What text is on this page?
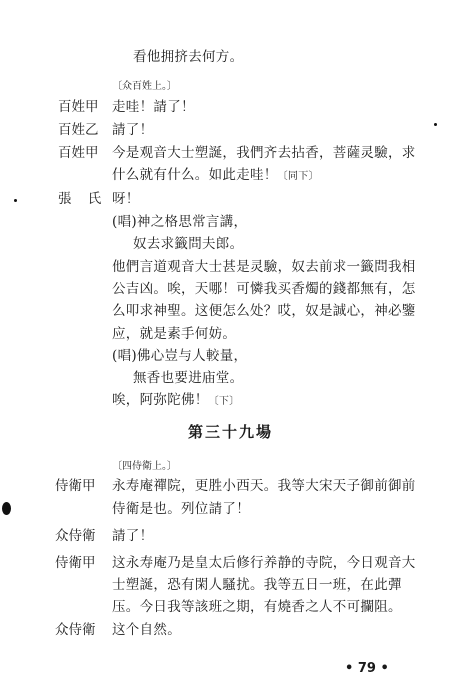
看他拥挤去何方。
〔众百姓上。〕
百姓甲 走哇！請了！
百姓乙 請了！
百姓甲 今是观音大士塑誕，我們齐去拈香，菩薩灵驗，求
什么就有什么。如此走哇！〔同下〕
張 氏 呀！
(唱)神之格思常言講，
奴去求籤問夫郎。
他們言道观音大士甚是灵驗，奴去前求一籤問我相
公吉凶。唉，天哪！可憐我买香燭的錢都無有，怎
么叩求神聖。这便怎么处？哎，奴是誠心，神必鑒
应，就是素手何妨。
(唱)佛心豈与人較量，
無香也要进庙堂。
唉，阿弥陀佛！〔下〕
第三十九場
〔四侍衛上。〕
侍衛甲 永寿庵禪院，更胜小西天。我等大宋天子御前御前
侍衛是也。列位請了！
众侍衛 請了！
侍衛甲 这永寿庵乃是皇太后修行养静的寺院，今日观音大
士塑誕，恐有閑人騷扰。我等五日一班，在此彈
压。今日我等該班之期，有燒香之人不可攔阻。
众侍衛 这个自然。
• 79 •
